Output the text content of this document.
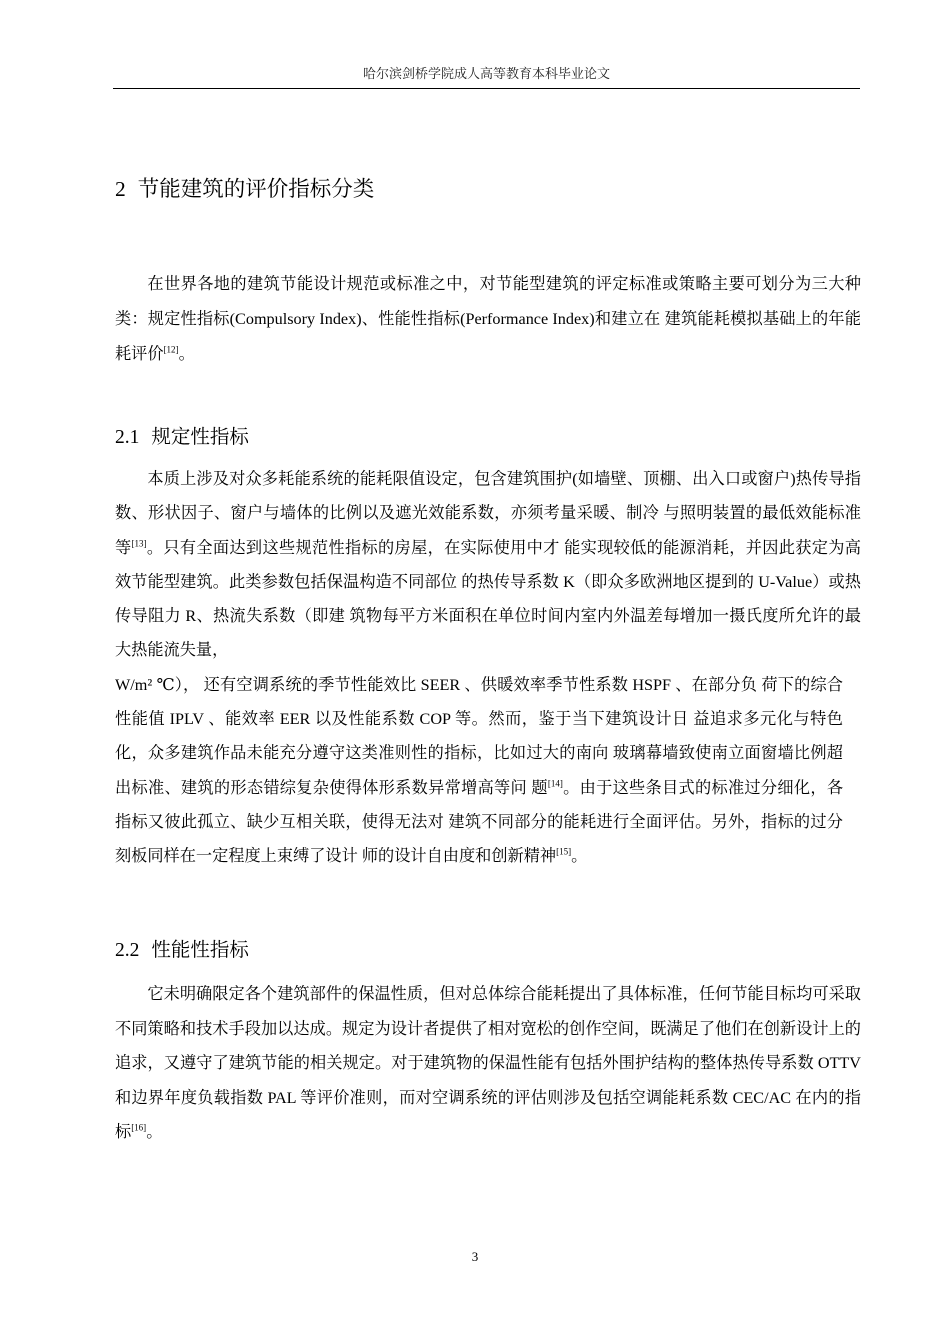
哈尔滨剑桥学院成人高等教育本科毕业论文
2 节能建筑的评价指标分类

在世界各地的建筑节能设计规范或标准之中，对节能型建筑的评定标准或策略主要可划分为三大种类：规定性指标(Compulsory Index)、性能性指标(Performance Index)和建立在 建筑能耗模拟基础上的年能耗评价[12]。

2.1 规定性指标

本质上涉及对众多耗能系统的能耗限值设定，包含建筑围护(如墙壁、顶棚、出入口或窗户)热传导指数、形状因子、窗户与墙体的比例以及遮光效能系数，亦须考量采暖、制冷 与照明装置的最低效能标准等[13]。只有全面达到这些规范性指标的房屋，在实际使用中才 能实现较低的能源消耗，并因此获定为高效节能型建筑。此类参数包括保温构造不同部位 的热传导系数 K（即众多欧洲地区提到的 U-Value）或热传导阻力 R、热流失系数（即建 筑物每平方米面积在单位时间内室内外温差每增加一摄氏度所允许的最大热能流失量，

W/m² ℃）， 还有空调系统的季节性能效比 SEER 、供暖效率季节性系数 HSPF 、在部分负 荷下的综合性能值 IPLV 、能效率 EER 以及性能系数 COP 等。然而，鉴于当下建筑设计日 益追求多元化与特色化，众多建筑作品未能充分遵守这类准则性的指标，比如过大的南向 玻璃幕墙致使南立面窗墙比例超出标准、建筑的形态错综复杂使得体形系数异常增高等问 题[14]。由于这些条目式的标准过分细化，各指标又彼此孤立、缺少互相关联，使得无法对 建筑不同部分的能耗进行全面评估。另外，指标的过分刻板同样在一定程度上束缚了设计 师的设计自由度和创新精神[15]。

2.2 性能性指标

它未明确限定各个建筑部件的保温性质，但对总体综合能耗提出了具体标准，任何节能目标均可采取不同策略和技术手段加以达成。规定为设计者提供了相对宽松的创作空间，既满足了他们在创新设计上的追求，又遵守了建筑节能的相关规定。对于建筑物的保温性能有包括外围护结构的整体热传导系数 OTTV 和边界年度负载指数 PAL 等评价准则，而对空调系统的评估则涉及包括空调能耗系数 CEC/AC 在内的指标[16]。

3
